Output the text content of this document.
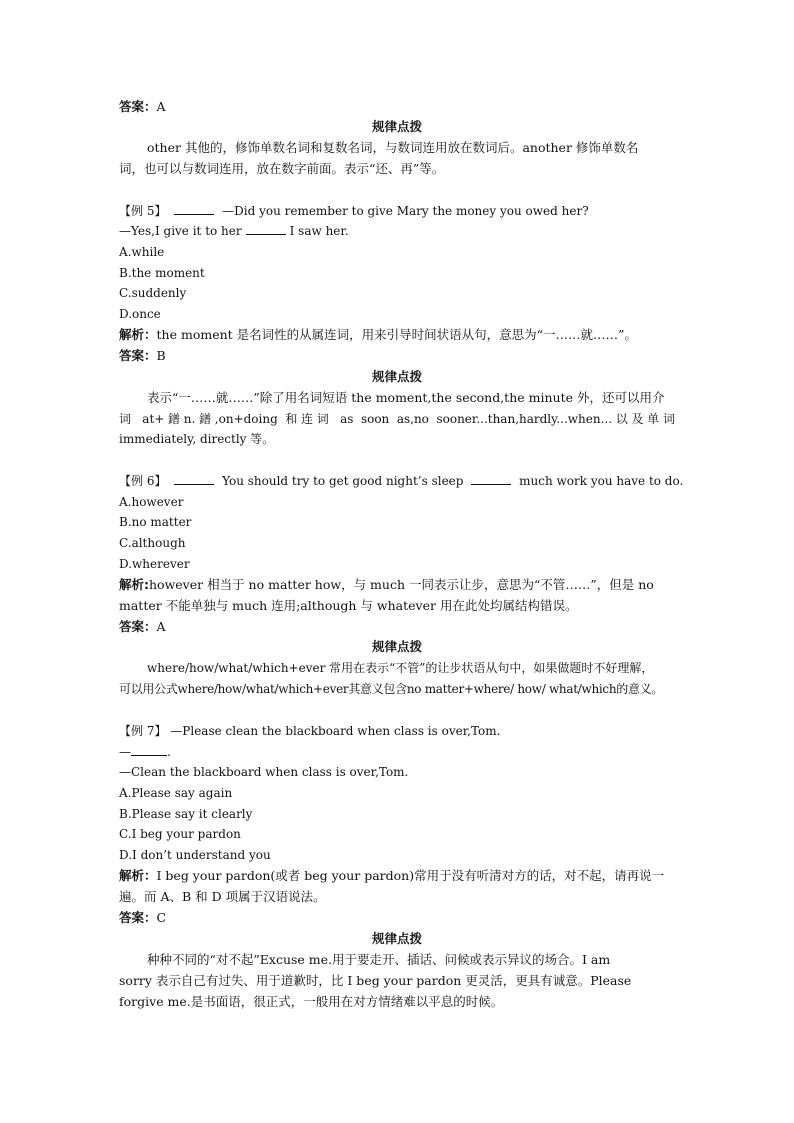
答案：A
规律点拨
other 其他的，修饰单数名词和复数名词，与数词连用放在数词后。another 修饰单数名
词，也可以与数词连用，放在数字前面。表示“还、再”等。
【例 5】	—Did you remember to give Mary the money you owed her?
—Yes,I give it to her	I saw her.
A.while
B.the moment
C.suddenly
D.once
解析：the moment 是名词性的从属连词，用来引导时间状语从句，意思为“一……就……”。
答案：B
规律点拨
表示“一……就……”除了用名词短语 the moment,the second,the minute 外，还可以用介
词 at+鐠n.鐠,on+doing 和连词 as soon as,no sooner...than,hardly...when...以及单词
immediately, directly 等。
【例 6】	You should try to get good night’s sleep	much work you have to do.
A.however
B.no matter
C.although
D.wherever
解析:however 相当于 no matter how，与 much 一同表示让步，意思为“不管……”，但是 no
matter 不能单独与 much 连用;although 与 whatever 用在此处均属结构错误。
答案：A
规律点拨
where/how/what/which+ever 常用在表示“不管”的让步状语从句中，如果做题时不好理解，
可以用公式where/how/what/which+ever其意义包含no matter+where/ how/ what/which的意义。
【例 7】 —Please clean the blackboard when class is over,Tom.
—	.
—Clean the blackboard when class is over,Tom.
A.Please say again
B.Please say it clearly
C.I beg your pardon
D.I don’t understand you
解析：I beg your pardon(或者 beg your pardon)常用于没有听清对方的话，对不起，请再说一
遍。而 A、B 和 D 项属于汉语说法。
答案：C
规律点拨
种种不同的“对不起”Excuse me.用于要走开、插话、问候或表示异议的场合。I am
sorry 表示自己有过失、用于道歉时，比 I beg your pardon 更灵活，更具有诚意。Please
forgive me.是书面语，很正式，一般用在对方情绪难以平息的时候。
